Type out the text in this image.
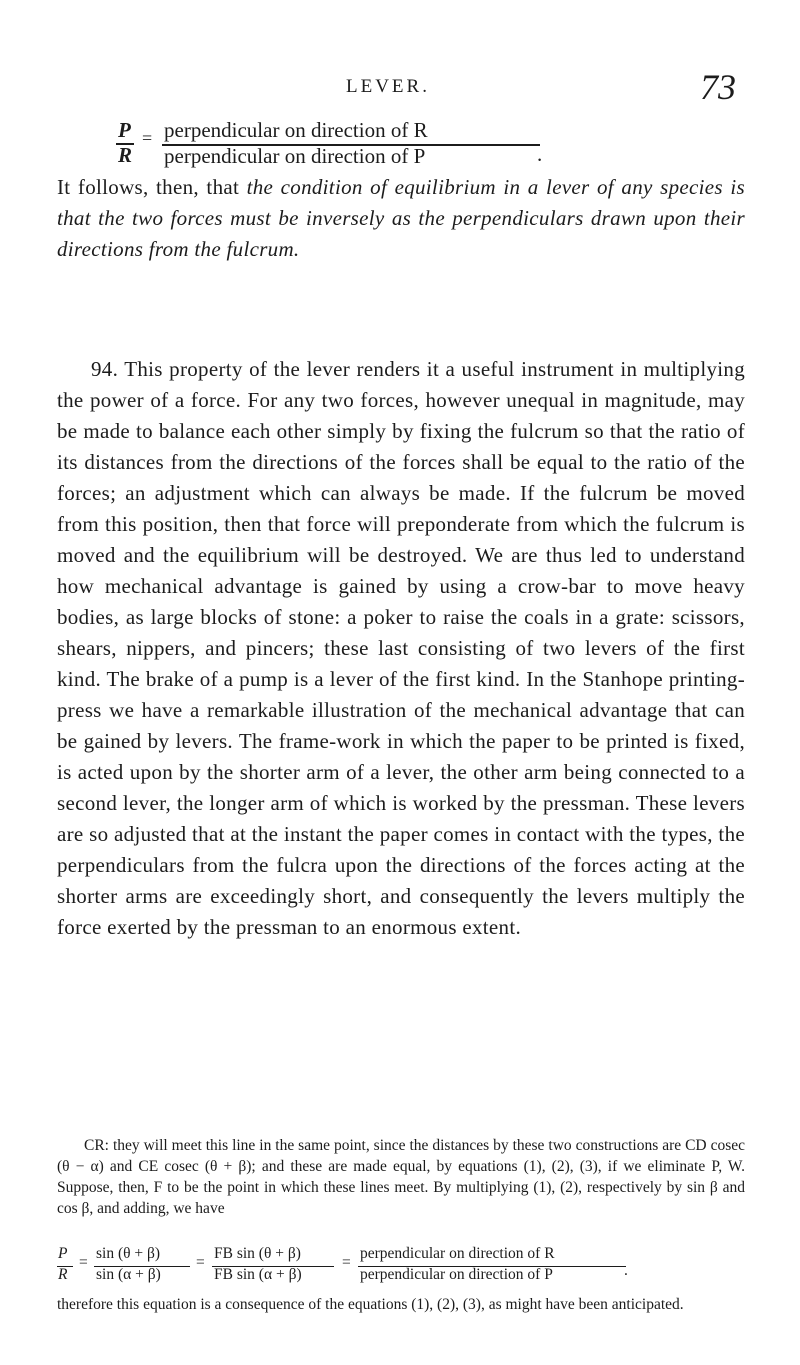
LEVER.	73
P
R
= perpendicular on direction of R
perpendicular on direction of P	.
It follows, then, that the condition of equilibrium in a lever of any species is that the two forces must be inversely as the perpendiculars drawn upon their directions from the fulcrum.
94. This property of the lever renders it a useful instrument in multiplying the power of a force. For any two forces, however unequal in magnitude, may be made to balance each other simply by fixing the fulcrum so that the ratio of its distances from the directions of the forces shall be equal to the ratio of the forces; an adjustment which can always be made. If the fulcrum be moved from this position, then that force will preponderate from which the fulcrum is moved and the equilibrium will be destroyed. We are thus led to understand how mechanical advantage is gained by using a crow-bar to move heavy bodies, as large blocks of stone: a poker to raise the coals in a grate: scissors, shears, nippers, and pincers; these last consisting of two levers of the first kind. The brake of a pump is a lever of the first kind. In the Stanhope printing-press we have a remarkable illustration of the mechanical advantage that can be gained by levers. The frame-work in which the paper to be printed is fixed, is acted upon by the shorter arm of a lever, the other arm being connected to a second lever, the longer arm of which is worked by the pressman. These levers are so adjusted that at the instant the paper comes in contact with the types, the perpendiculars from the fulcra upon the directions of the forces acting at the shorter arms are exceedingly short, and consequently the levers multiply the force exerted by the pressman to an enormous extent.
CR: they will meet this line in the same point, since the distances by these two constructions are CD cosec (θ − α) and CE cosec (θ + β); and these are made equal, by equations (1), (2), (3), if we eliminate P, W. Suppose, then, F to be the point in which these lines meet. By multiplying (1), (2), respectively by sin β and cos β, and adding, we have
P
R
=
sin (θ + β)
sin (α + β)
=
FB sin (θ + β)
FB sin (α + β)
=
perpendicular on direction of R
perpendicular on direction of P	.
therefore this equation is a consequence of the equations (1), (2), (3), as might have been anticipated.
